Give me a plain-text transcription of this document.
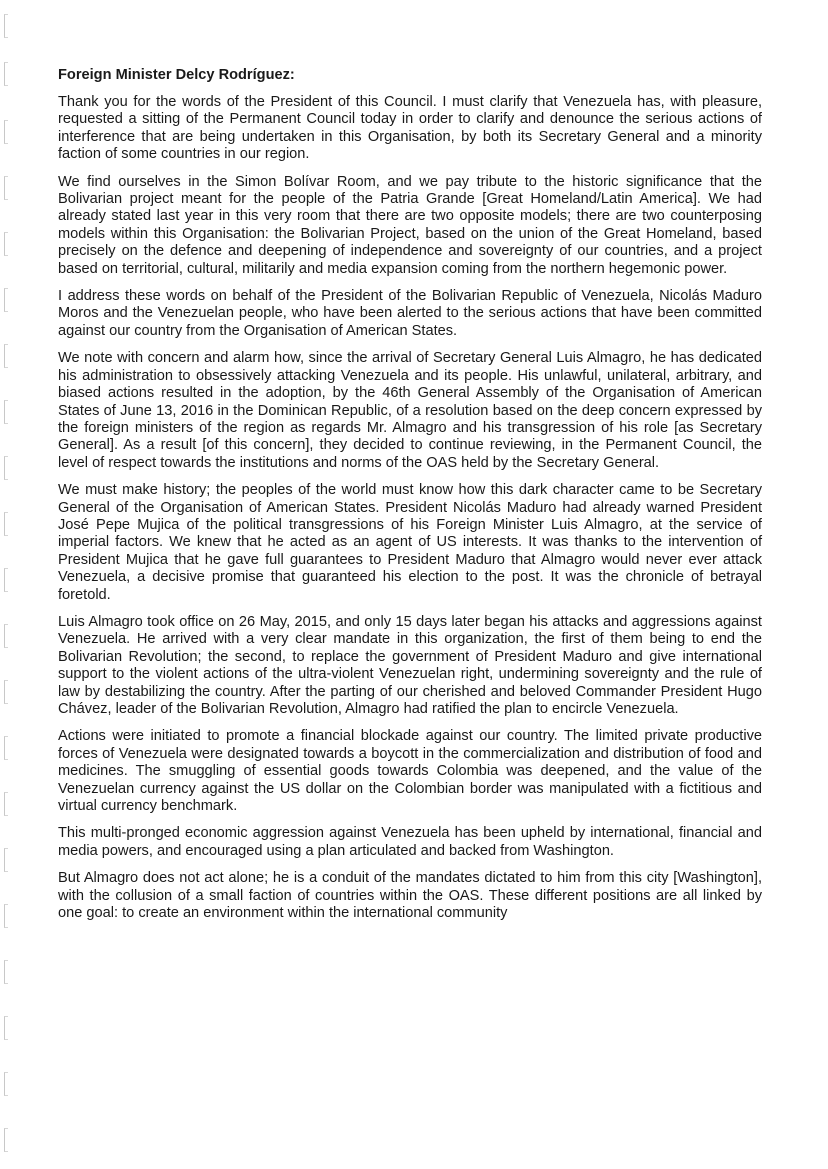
Foreign Minister Delcy Rodríguez:

Thank you for the words of the President of this Council. I must clarify that Venezuela has, with pleasure, requested a sitting of the Permanent Council today in order to clarify and denounce the serious actions of interference that are being undertaken in this Organisation, by both its Secretary General and a minority faction of some countries in our region.

We find ourselves in the Simon Bolívar Room, and we pay tribute to the historic significance that the Bolivarian project meant for the people of the Patria Grande [Great Homeland/Latin America]. We had already stated last year in this very room that there are two opposite models; there are two counterposing models within this Organisation: the Bolivarian Project, based on the union of the Great Homeland, based precisely on the defence and deepening of independence and sovereignty of our countries, and a project based on territorial, cultural, militarily and media expansion coming from the northern hegemonic power.

I address these words on behalf of the President of the Bolivarian Republic of Venezuela, Nicolás Maduro Moros and the Venezuelan people, who have been alerted to the serious actions that have been committed against our country from the Organisation of American States.

We note with concern and alarm how, since the arrival of Secretary General Luis Almagro, he has dedicated his administration to obsessively attacking Venezuela and its people. His unlawful, unilateral, arbitrary, and biased actions resulted in the adoption, by the 46th General Assembly of the Organisation of American States of June 13, 2016 in the Dominican Republic, of a resolution based on the deep concern expressed by the foreign ministers of the region as regards Mr. Almagro and his transgression of his role [as Secretary General]. As a result [of this concern], they decided to continue reviewing, in the Permanent Council, the level of respect towards the institutions and norms of the OAS held by the Secretary General.

We must make history; the peoples of the world must know how this dark character came to be Secretary General of the Organisation of American States. President Nicolás Maduro had already warned President José Pepe Mujica of the political transgressions of his Foreign Minister Luis Almagro, at the service of imperial factors. We knew that he acted as an agent of US interests. It was thanks to the intervention of President Mujica that he gave full guarantees to President Maduro that Almagro would never ever attack Venezuela, a decisive promise that guaranteed his election to the post. It was the chronicle of betrayal foretold.

Luis Almagro took office on 26 May, 2015, and only 15 days later began his attacks and aggressions against Venezuela. He arrived with a very clear mandate in this organization, the first of them being to end the Bolivarian Revolution; the second, to replace the government of President Maduro and give international support to the violent actions of the ultra-violent Venezuelan right, undermining sovereignty and the rule of law by destabilizing the country. After the parting of our cherished and beloved Commander President Hugo Chávez, leader of the Bolivarian Revolution, Almagro had ratified the plan to encircle Venezuela.

Actions were initiated to promote a financial blockade against our country. The limited private productive forces of Venezuela were designated towards a boycott in the commercialization and distribution of food and medicines. The smuggling of essential goods towards Colombia was deepened, and the value of the Venezuelan currency against the US dollar on the Colombian border was manipulated with a fictitious and virtual currency benchmark.

This multi-pronged economic aggression against Venezuela has been upheld by international, financial and media powers, and encouraged using a plan articulated and backed from Washington.

But Almagro does not act alone; he is a conduit of the mandates dictated to him from this city [Washington], with the collusion of a small faction of countries within the OAS. These different positions are all linked by one goal: to create an environment within the international community
